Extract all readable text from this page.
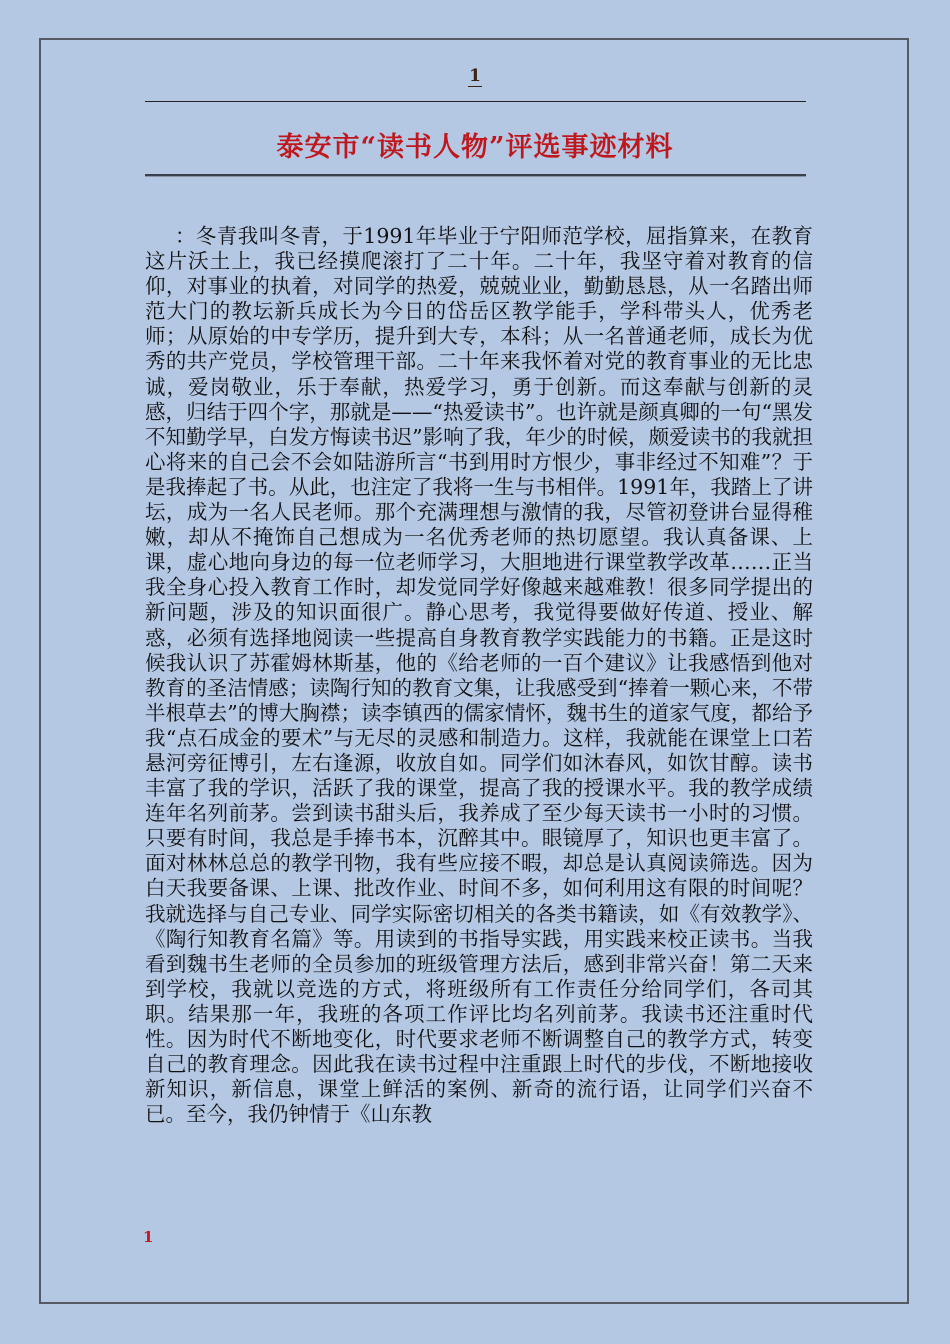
1
泰安市“读书人物”评选事迹材料

：冬青我叫冬青，于1991年毕业于宁阳师范学校，屈指算来，在教育这片沃土上，我已经摸爬滚打了二十年。二十年，我坚守着对教育的信仰，对事业的执着，对同学的热爱，兢兢业业，勤勤恳恳，从一名踏出师范大门的教坛新兵成长为今日的岱岳区教学能手，学科带头人，优秀老师；从原始的中专学历，提升到大专，本科；从一名普通老师，成长为优秀的共产党员，学校管理干部。二十年来我怀着对党的教育事业的无比忠诚，爱岗敬业，乐于奉献，热爱学习，勇于创新。而这奉献与创新的灵感，归结于四个字，那就是——“热爱读书”。也许就是颜真卿的一句“黑发不知勤学早，白发方悔读书迟”影响了我，年少的时候，颇爱读书的我就担心将来的自己会不会如陆游所言“书到用时方恨少，事非经过不知难”？于是我捧起了书。从此，也注定了我将一生与书相伴。1991年，我踏上了讲坛，成为一名人民老师。那个充满理想与激情的我，尽管初登讲台显得稚嫩，却从不掩饰自己想成为一名优秀老师的热切愿望。我认真备课、上课，虚心地向身边的每一位老师学习，大胆地进行课堂教学改革……正当我全身心投入教育工作时，却发觉同学好像越来越难教！很多同学提出的新问题，涉及的知识面很广。静心思考，我觉得要做好传道、授业、解惑，必须有选择地阅读一些提高自身教育教学实践能力的书籍。正是这时候我认识了苏霍姆林斯基，他的《给老师的一百个建议》让我感悟到他对教育的圣洁情感；读陶行知的教育文集，让我感受到“捧着一颗心来，不带半根草去”的博大胸襟；读李镇西的儒家情怀，魏书生的道家气度，都给予我“点石成金的要术”与无尽的灵感和制造力。这样，我就能在课堂上口若悬河旁征博引，左右逢源，收放自如。同学们如沐春风，如饮甘醇。读书丰富了我的学识，活跃了我的课堂，提高了我的授课水平。我的教学成绩连年名列前茅。尝到读书甜头后，我养成了至少每天读书一小时的习惯。只要有时间，我总是手捧书本，沉醉其中。眼镜厚了，知识也更丰富了。面对林林总总的教学刊物，我有些应接不暇，却总是认真阅读筛选。因为白天我要备课、上课、批改作业、时间不多，如何利用这有限的时间呢？我就选择与自己专业、同学实际密切相关的各类书籍读，如《有效教学》、《陶行知教育名篇》等。用读到的书指导实践，用实践来校正读书。当我看到魏书生老师的全员参加的班级管理方法后，感到非常兴奋！第二天来到学校，我就以竞选的方式，将班级所有工作责任分给同学们，各司其职。结果那一年，我班的各项工作评比均名列前茅。我读书还注重时代性。因为时代不断地变化，时代要求老师不断调整自己的教学方式，转变自己的教育理念。因此我在读书过程中注重跟上时代的步伐，不断地接收新知识，新信息，课堂上鲜活的案例、新奇的流行语，让同学们兴奋不已。至今，我仍钟情于《山东教

1
